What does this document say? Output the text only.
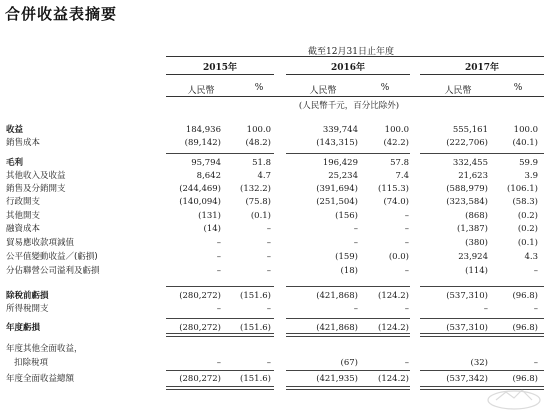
合併收益表摘要
截至12月31日止年度
2015年	2016年	2017年
人民幣	%	人民幣	%	人民幣	%
(人民幣千元，百分比除外)
收益	184,936	100.0	339,744	100.0	555,161	100.0
銷售成本	(89,142)	(48.2)	(143,315)	(42.2)	(222,706)	(40.1)
毛利	95,794	51.8	196,429	57.8	332,455	59.9
其他收入及收益	8,642	4.7	25,234	7.4	21,623	3.9
銷售及分銷開支	(244,469) (132.2)	(391,694) (115.3)	(588,979) (106.1)
行政開支	(140,094)	(75.8)	(251,504)	(74.0)	(323,584)	(58.3)
其他開支	(131)	(0.1)	(156)	–	(868)	(0.2)
融資成本	(14)	–	–	–	(1,387)	(0.2)
貿易應收款項減值	–	–	–	–	(380)	(0.1)
公平值變動收益／(虧損)	–	–	(159)	(0.0)	23,924	4.3
分佔聯營公司溢利及虧損	–	–	(18)	–	(114)	–
除稅前虧損	(280,272) (151.6)	(421,868) (124.2)	(537,310)	(96.8)
所得稅開支	–	–	–	–	–	–
年度虧損	(280,272) (151.6)	(421,868) (124.2)	(537,310)	(96.8)
年度其他全面收益，
扣除稅項	–	–	(67)	–	(32)	–
年度全面收益總額	(280,272) (151.6)	(421,935) (124.2)	(537,342)	(96.8)
